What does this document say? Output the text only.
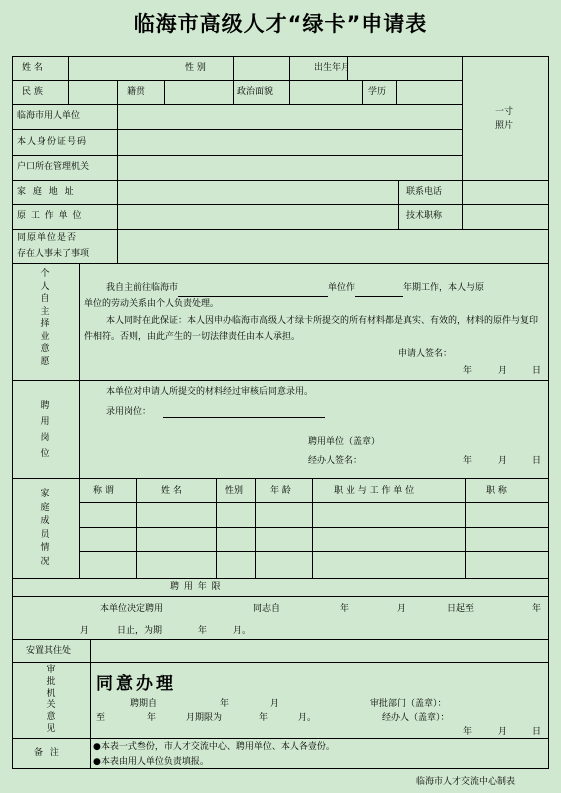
临海市高级人才“绿卡”申请表
姓 名	性 别	出生年月
一寸
照片
民 族	籍贯	政治面貌	学历
临海市用人单位
本人身份证号码
户口所在管理机关
家 庭 地 址	联系电话
原 工 作 单 位	技术职称
同原单位是否
存在人事未了事项
个人自主择业意愿
我自主前往临海市	单位作	年期工作，本人与原
单位的劳动关系由个人负责处理。
本人同时在此保证：本人因申办临海市高级人才绿卡所提交的所有材料都是真实、有效的，材料的原件与复印件相符。否则，由此产生的一切法律责任由本人承担。
申请人签名：
年	月	日
聘用岗位
本单位对申请人所提交的材料经过审核后同意录用。
录用岗位：
聘用单位（盖章）
经办人签名：	年	月	日
家庭成员情况
称 谓	姓 名	性别	年 龄	职 业 与 工 作 单 位	职 称
聘 用 年 限
本单位决定聘用	同志自	年	月	日起至	年
月	日止，为期	年	月。
安置其住处
审批机关意见
同意办理
聘期自	年	月	审批部门（盖章）：
至	年	月期限为	年	月。	经办人（盖章）：
年	月	日
备 注
●本表一式叁份，市人才交流中心、聘用单位、本人各壹份。
●本表由用人单位负责填报。
临海市人才交流中心制表
